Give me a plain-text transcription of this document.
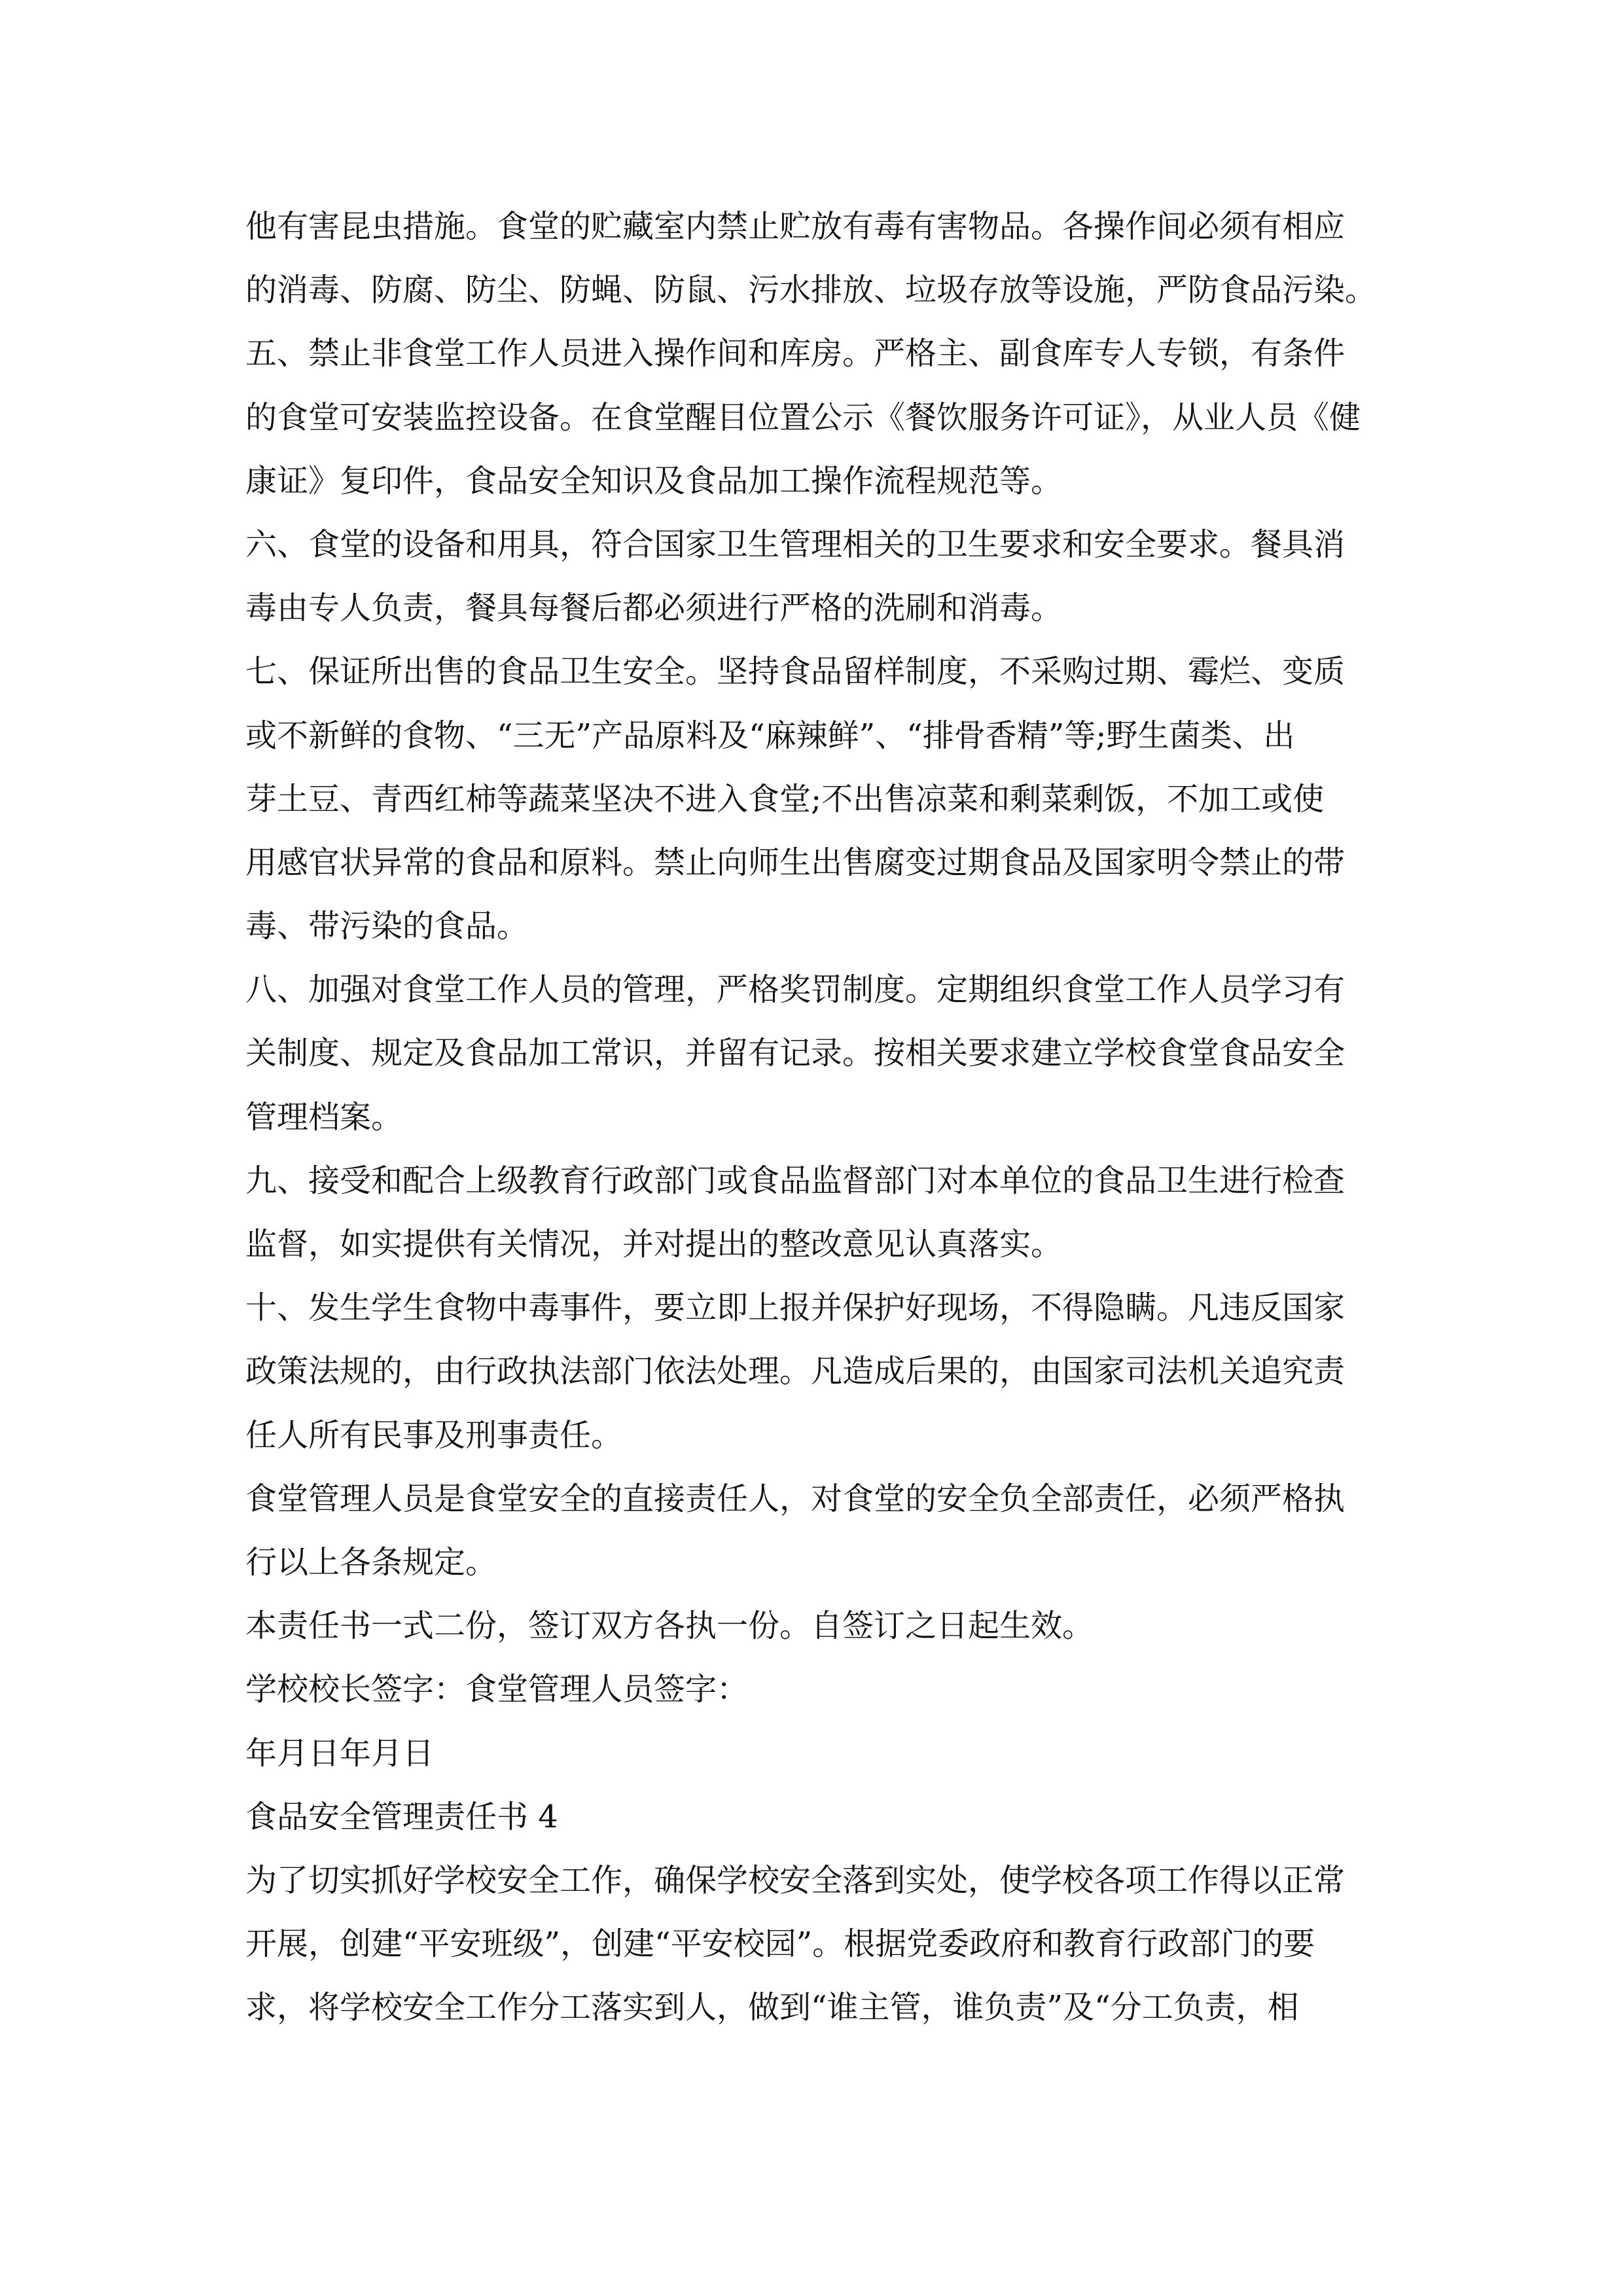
他有害昆虫措施。食堂的贮藏室内禁止贮放有毒有害物品。各操作间必须有相应
的消毒、防腐、防尘、防蝇、防鼠、污水排放、垃圾存放等设施，严防食品污染。
五、禁止非食堂工作人员进入操作间和库房。严格主、副食库专人专锁，有条件
的食堂可安装监控设备。在食堂醒目位置公示《餐饮服务许可证》，从业人员《健
康证》复印件，食品安全知识及食品加工操作流程规范等。
六、食堂的设备和用具，符合国家卫生管理相关的卫生要求和安全要求。餐具消
毒由专人负责，餐具每餐后都必须进行严格的洗刷和消毒。
七、保证所出售的食品卫生安全。坚持食品留样制度，不采购过期、霉烂、变质
或不新鲜的食物、“三无”产品原料及“麻辣鲜”、“排骨香精”等;野生菌类、出
芽土豆、青西红柿等蔬菜坚决不进入食堂;不出售凉菜和剩菜剩饭，不加工或使
用感官状异常的食品和原料。禁止向师生出售腐变过期食品及国家明令禁止的带
毒、带污染的食品。
八、加强对食堂工作人员的管理，严格奖罚制度。定期组织食堂工作人员学习有
关制度、规定及食品加工常识，并留有记录。按相关要求建立学校食堂食品安全
管理档案。
九、接受和配合上级教育行政部门或食品监督部门对本单位的食品卫生进行检查
监督，如实提供有关情况，并对提出的整改意见认真落实。
十、发生学生食物中毒事件，要立即上报并保护好现场，不得隐瞒。凡违反国家
政策法规的，由行政执法部门依法处理。凡造成后果的，由国家司法机关追究责
任人所有民事及刑事责任。
食堂管理人员是食堂安全的直接责任人，对食堂的安全负全部责任，必须严格执
行以上各条规定。
本责任书一式二份，签订双方各执一份。自签订之日起生效。
学校校长签字：食堂管理人员签字：
年月日年月日
食品安全管理责任书 4
为了切实抓好学校安全工作，确保学校安全落到实处，使学校各项工作得以正常
开展，创建“平安班级”，创建“平安校园”。根据党委政府和教育行政部门的要
求，将学校安全工作分工落实到人，做到“谁主管，谁负责”及“分工负责，相
